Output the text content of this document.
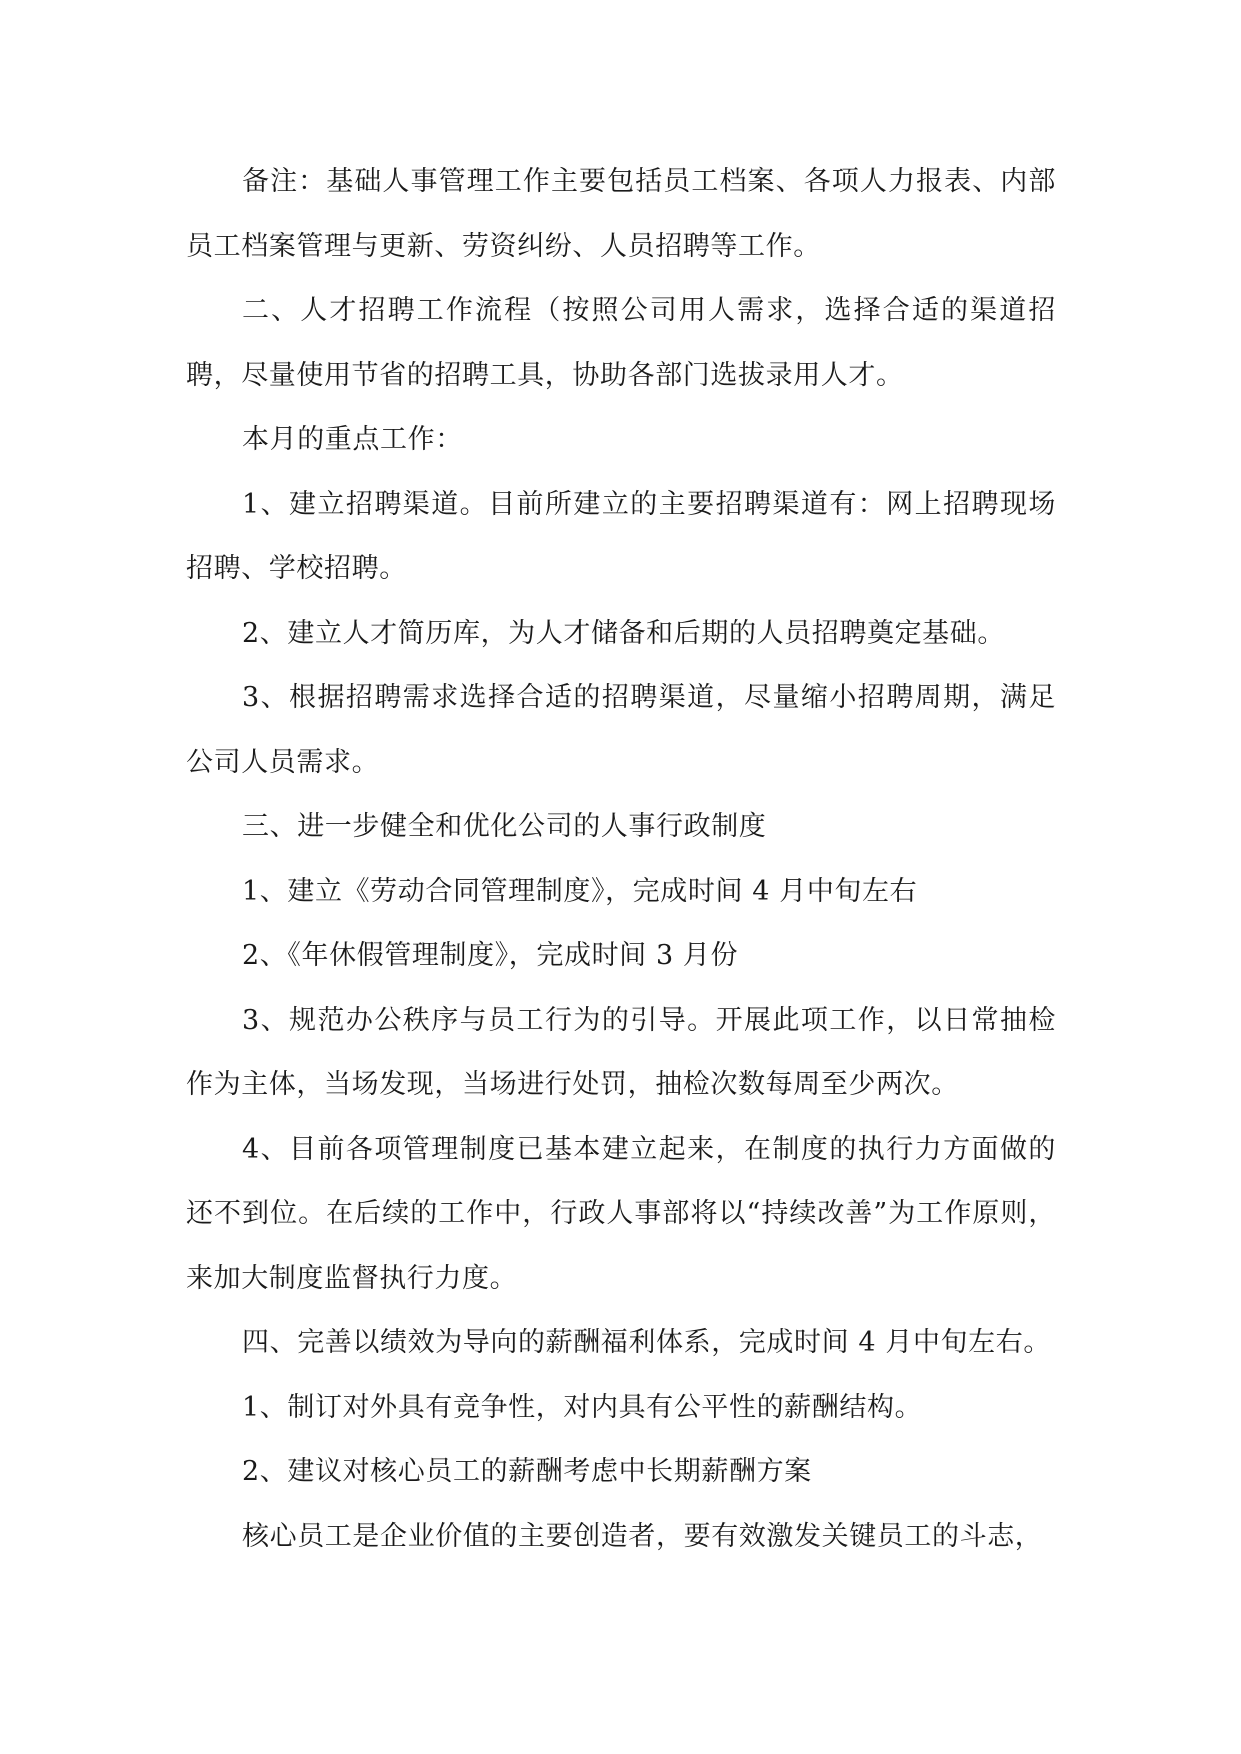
备注：基础人事管理工作主要包括员工档案、各项人力报表、内部员工档案管理与更新、劳资纠纷、人员招聘等工作。

二、人才招聘工作流程（按照公司用人需求，选择合适的渠道招聘，尽量使用节省的招聘工具，协助各部门选拔录用人才。

本月的重点工作：

1、建立招聘渠道。目前所建立的主要招聘渠道有：网上招聘现场招聘、学校招聘。

2、建立人才简历库，为人才储备和后期的人员招聘奠定基础。

3、根据招聘需求选择合适的招聘渠道，尽量缩小招聘周期，满足公司人员需求。

三、进一步健全和优化公司的人事行政制度

1、建立《劳动合同管理制度》，完成时间 4 月中旬左右

2、《年休假管理制度》，完成时间 3 月份

3、规范办公秩序与员工行为的引导。开展此项工作，以日常抽检作为主体，当场发现，当场进行处罚，抽检次数每周至少两次。

4、目前各项管理制度已基本建立起来，在制度的执行力方面做的还不到位。在后续的工作中，行政人事部将以“持续改善”为工作原则，来加大制度监督执行力度。

四、完善以绩效为导向的薪酬福利体系，完成时间 4 月中旬左右。

1、制订对外具有竞争性，对内具有公平性的薪酬结构。

2、建议对核心员工的薪酬考虑中长期薪酬方案

核心员工是企业价值的主要创造者，要有效激发关键员工的斗志，
